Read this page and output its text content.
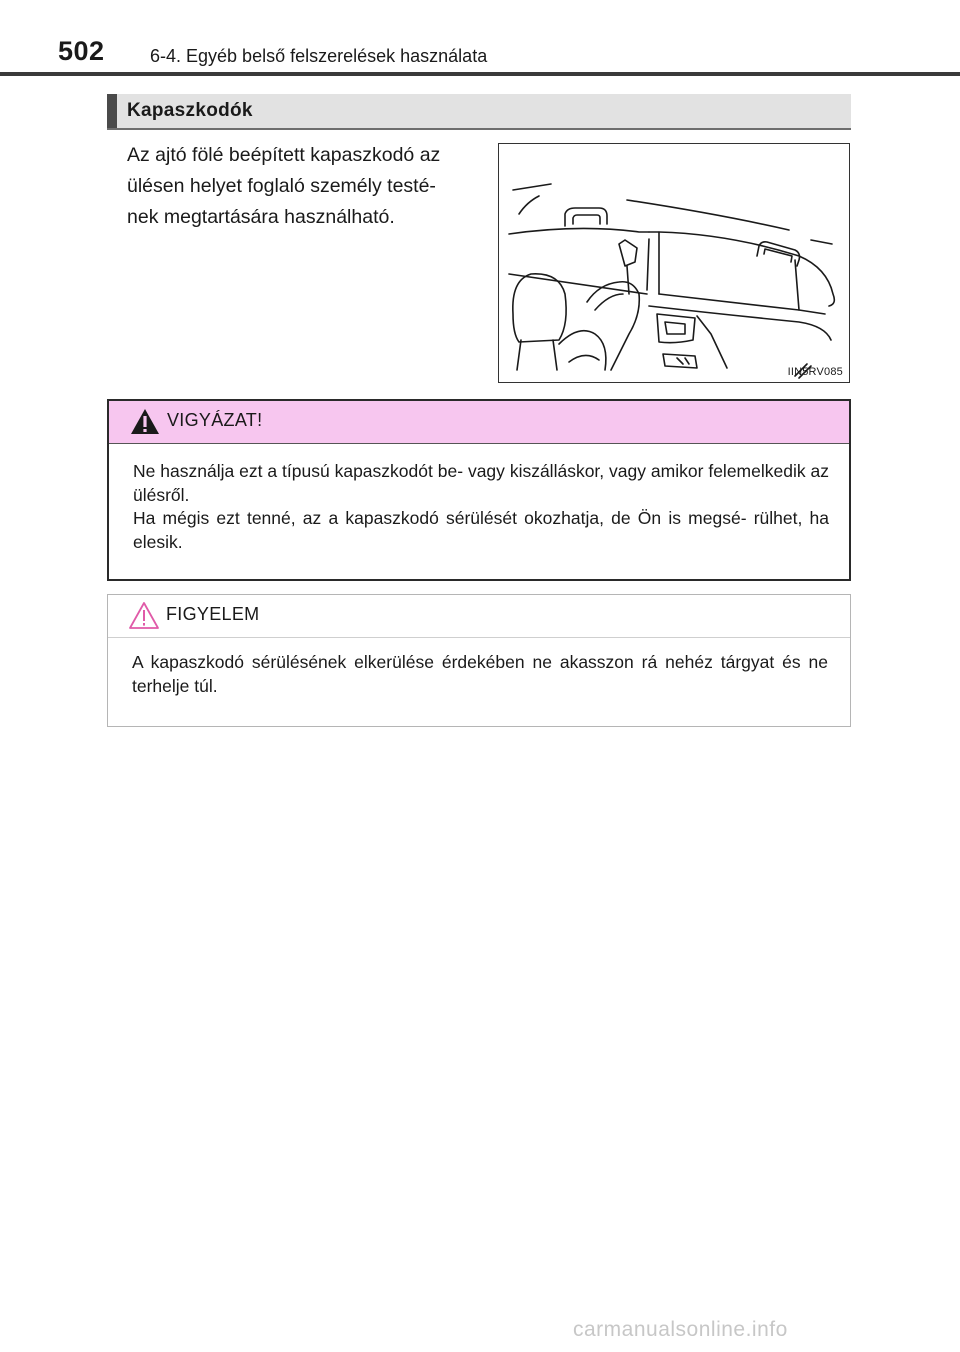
502	6-4. Egyéb belső felszerelések használata
Kapaszkodók
Az ajtó fölé beépített kapaszkodó az
ülésen helyet foglaló személy testé-
nek megtartására használható.
IIN5RV085
VIGYÁZAT!

Ne használja ezt a típusú kapaszkodót be- vagy kiszálláskor, vagy amikor felemelkedik az ülésről.

Ha mégis ezt tenné, az a kapaszkodó sérülését okozhatja, de Ön is megsé- rülhet, ha elesik.

FIGYELEM

A kapaszkodó sérülésének elkerülése érdekében ne akasszon rá nehéz tárgyat és ne terhelje túl.

carmanualsonline.info
